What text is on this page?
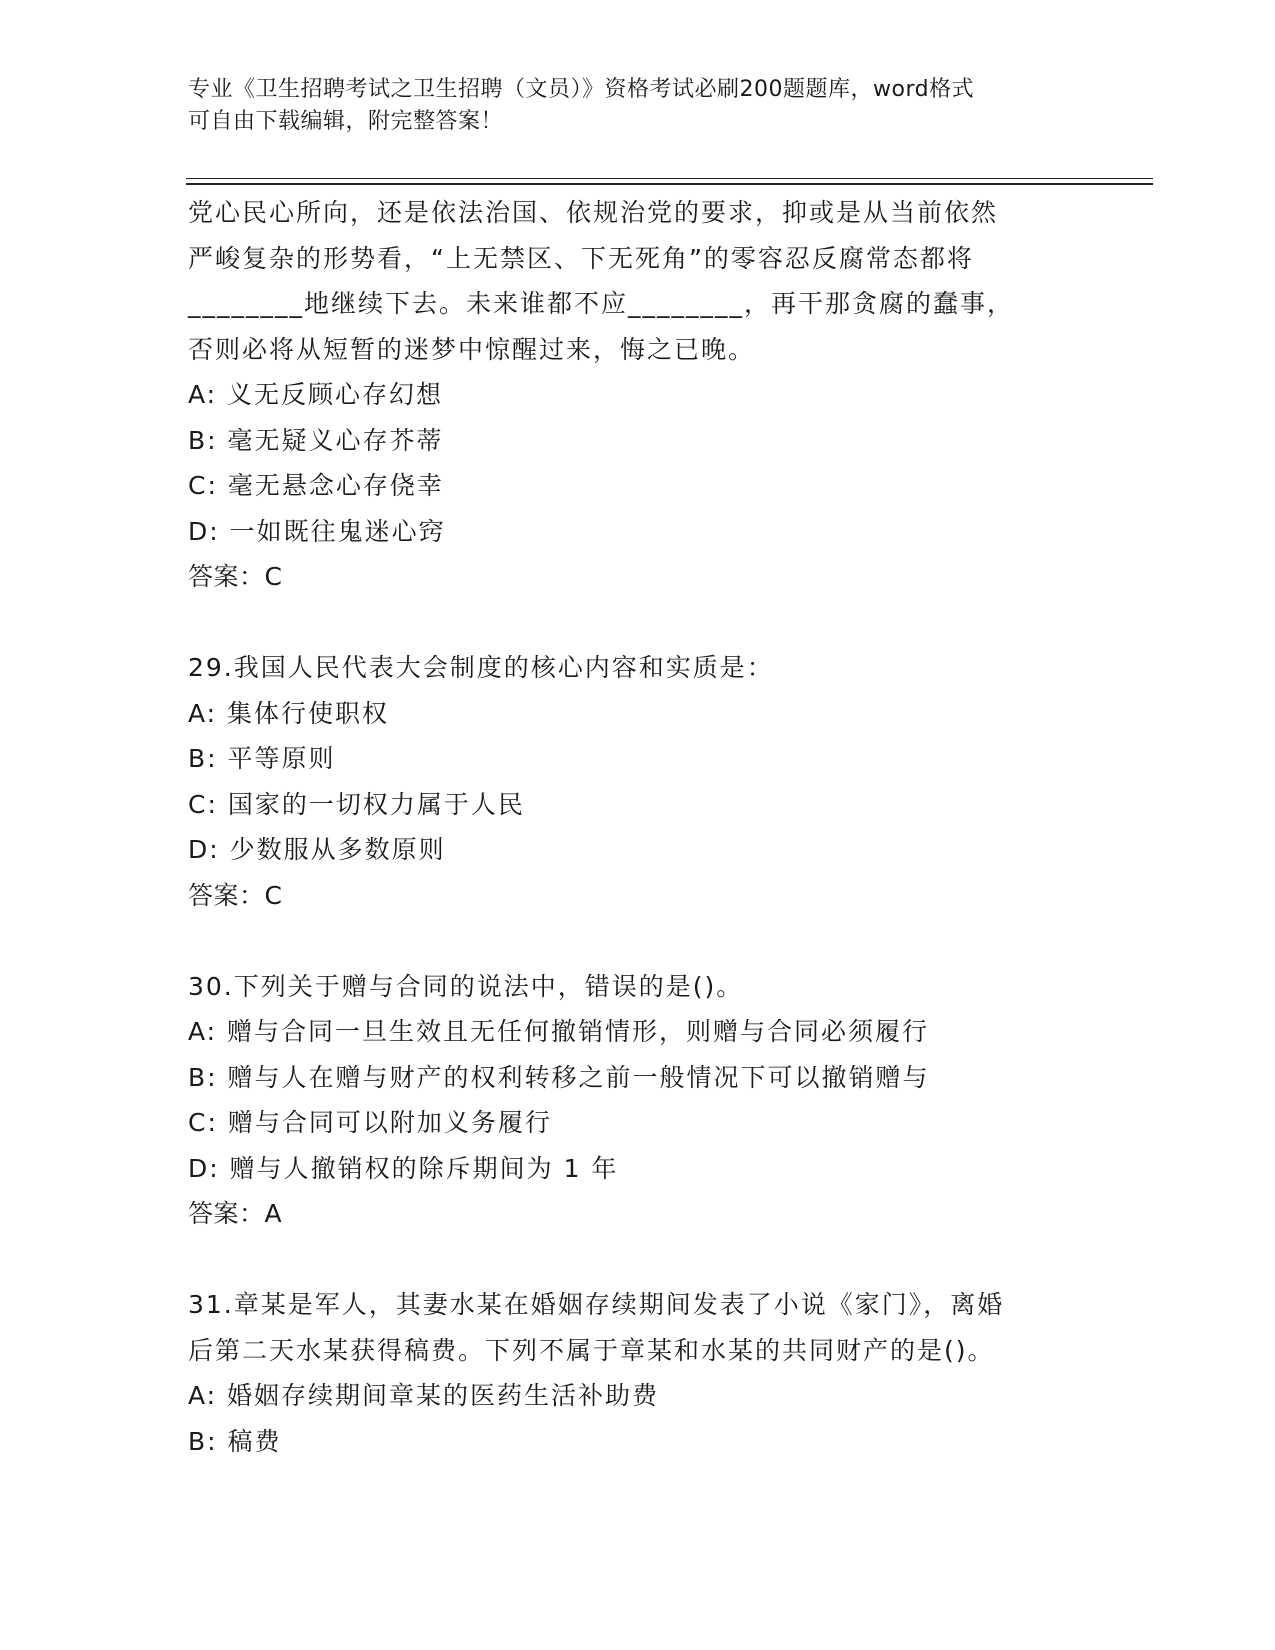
专业《卫生招聘考试之卫生招聘（文员）》资格考试必刷200题题库，word格式
可自由下载编辑，附完整答案！
党心民心所向，还是依法治国、依规治党的要求，抑或是从当前依然
严峻复杂的形势看，“上无禁区、下无死角”的零容忍反腐常态都将
________地继续下去。未来谁都不应________，再干那贪腐的蠢事，
否则必将从短暂的迷梦中惊醒过来，悔之已晚。
A: 义无反顾心存幻想
B: 毫无疑义心存芥蒂
C: 毫无悬念心存侥幸
D: 一如既往鬼迷心窍
答案：C
29.我国人民代表大会制度的核心内容和实质是：
A: 集体行使职权
B: 平等原则
C: 国家的一切权力属于人民
D: 少数服从多数原则
答案：C
30.下列关于赠与合同的说法中，错误的是()。
A: 赠与合同一旦生效且无任何撤销情形，则赠与合同必须履行
B: 赠与人在赠与财产的权利转移之前一般情况下可以撤销赠与
C: 赠与合同可以附加义务履行
D: 赠与人撤销权的除斥期间为 1 年
答案：A
31.章某是军人，其妻水某在婚姻存续期间发表了小说《家门》，离婚
后第二天水某获得稿费。下列不属于章某和水某的共同财产的是()。
A: 婚姻存续期间章某的医药生活补助费
B: 稿费
